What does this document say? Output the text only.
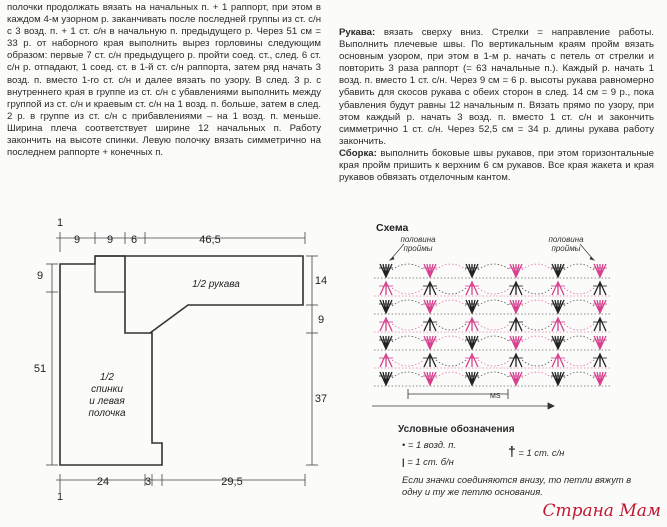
полочки продолжать вязать на начальных п. + 1 раппорт, при этом в каждом 4-м узорном р. заканчивать после последней группы из ст. с/н с 3 возд. п. + 1 ст. с/н в начальную п. предыдущего р. Через 51 см = 33 р. от наборного края выполнить вырез горловины следующим образом: первые 7 ст. с/н предыдущего р. пройти соед. ст., след. 6 ст. с/н р. отпадают, 1 соед. ст. в 1-й ст. с/н раппорта, затем ряд начать 3 возд. п. вместо 1-го ст. с/н и далее вязать по узору. В след. 3 р. с внутреннего края в группе из ст. с/н с убавлениями выполнить между группой из ст. с/н и краевым ст. с/н на 1 возд. п. больше, затем в след. 2 р. в группе из ст. с/н с прибавлениями – на 1 возд. п. меньше. Ширина плеча соответствует ширине 12 начальных п. Работу закончить на высоте спинки. Левую полочку вязать симметрично на последнем раппорте + конечных п.
Рукава: вязать сверху вниз. Стрелки = направление работы. Выполнить плечевые швы. По вертикальным краям пройм вязать основным узором, при этом в 1-м р. начать с петель от стрелки и повторить 3 раза раппорт (= 63 начальные п.). Каждый р. начать 1 возд. п. вместо 1 ст. с/н. Через 9 см = 6 р. высоты рукава равномерно убавить для скосов рукава с обеих сторон в след. 14 см = 9 р., пока убавления будут равны 12 начальным п. Вязать прямо по узору, при этом каждый р. начать 3 возд. п. вместо 1 ст. с/н и закончить симметрично 1 ст. с/н. Через 52,5 см = 34 р. длины рукава работу закончить.
Сборка: выполнить боковые швы рукавов, при этом горизонтальные края пройм пришить к верхним 6 см рукавов. Все края жакета и края рукавов обвязать отделочным кантом.
1
9 9 6	46,5
9
51
14
9
37
1
24	3	29,5
1/2 рукава
1/2
спинки
и левая
полочка
Схема
половина
проймы
половина
проймы
MS
Условные обозначения
• = 1 возд. п.
| = 1 ст. б/н
† = 1 ст. с/н
Если значки соединяются внизу, то петли вяжут в одну и ту же петлю основания.
Страна Мам
